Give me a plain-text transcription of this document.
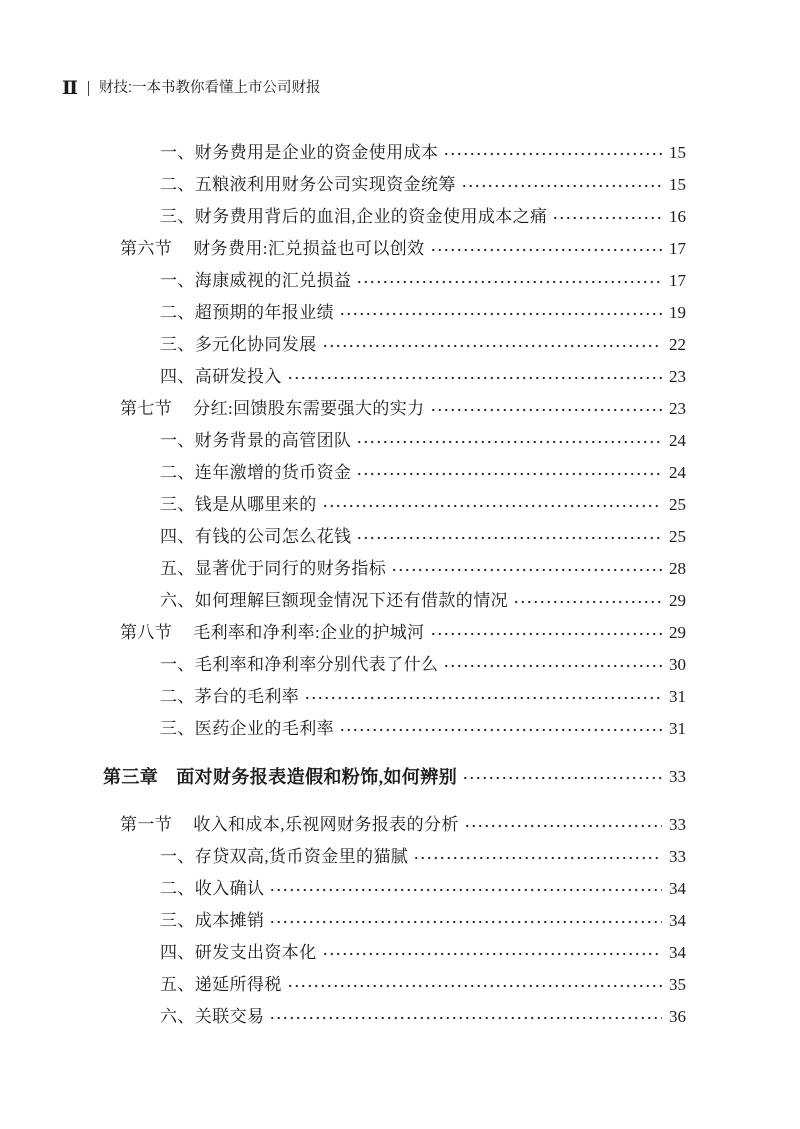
Ⅱ 财技:一本书教你看懂上市公司财报
一、财务费用是企业的资金使用成本	15
二、五粮液利用财务公司实现资金统筹	15
三、财务费用背后的血泪,企业的资金使用成本之痛	16
第六节 财务费用:汇兑损益也可以创效	17
一、海康威视的汇兑损益	17
二、超预期的年报业绩	19
三、多元化协同发展	22
四、高研发投入	23
第七节 分红:回馈股东需要强大的实力	23
一、财务背景的高管团队	24
二、连年激增的货币资金	24
三、钱是从哪里来的	25
四、有钱的公司怎么花钱	25
五、显著优于同行的财务指标	28
六、如何理解巨额现金情况下还有借款的情况	29
第八节 毛利率和净利率:企业的护城河	29
一、毛利率和净利率分别代表了什么	30
二、茅台的毛利率	31
三、医药企业的毛利率	31
第三章 面对财务报表造假和粉饰,如何辨别	33
第一节 收入和成本,乐视网财务报表的分析	33
一、存贷双高,货币资金里的猫腻	33
二、收入确认	34
三、成本摊销	34
四、研发支出资本化	34
五、递延所得税	35
六、关联交易	36
